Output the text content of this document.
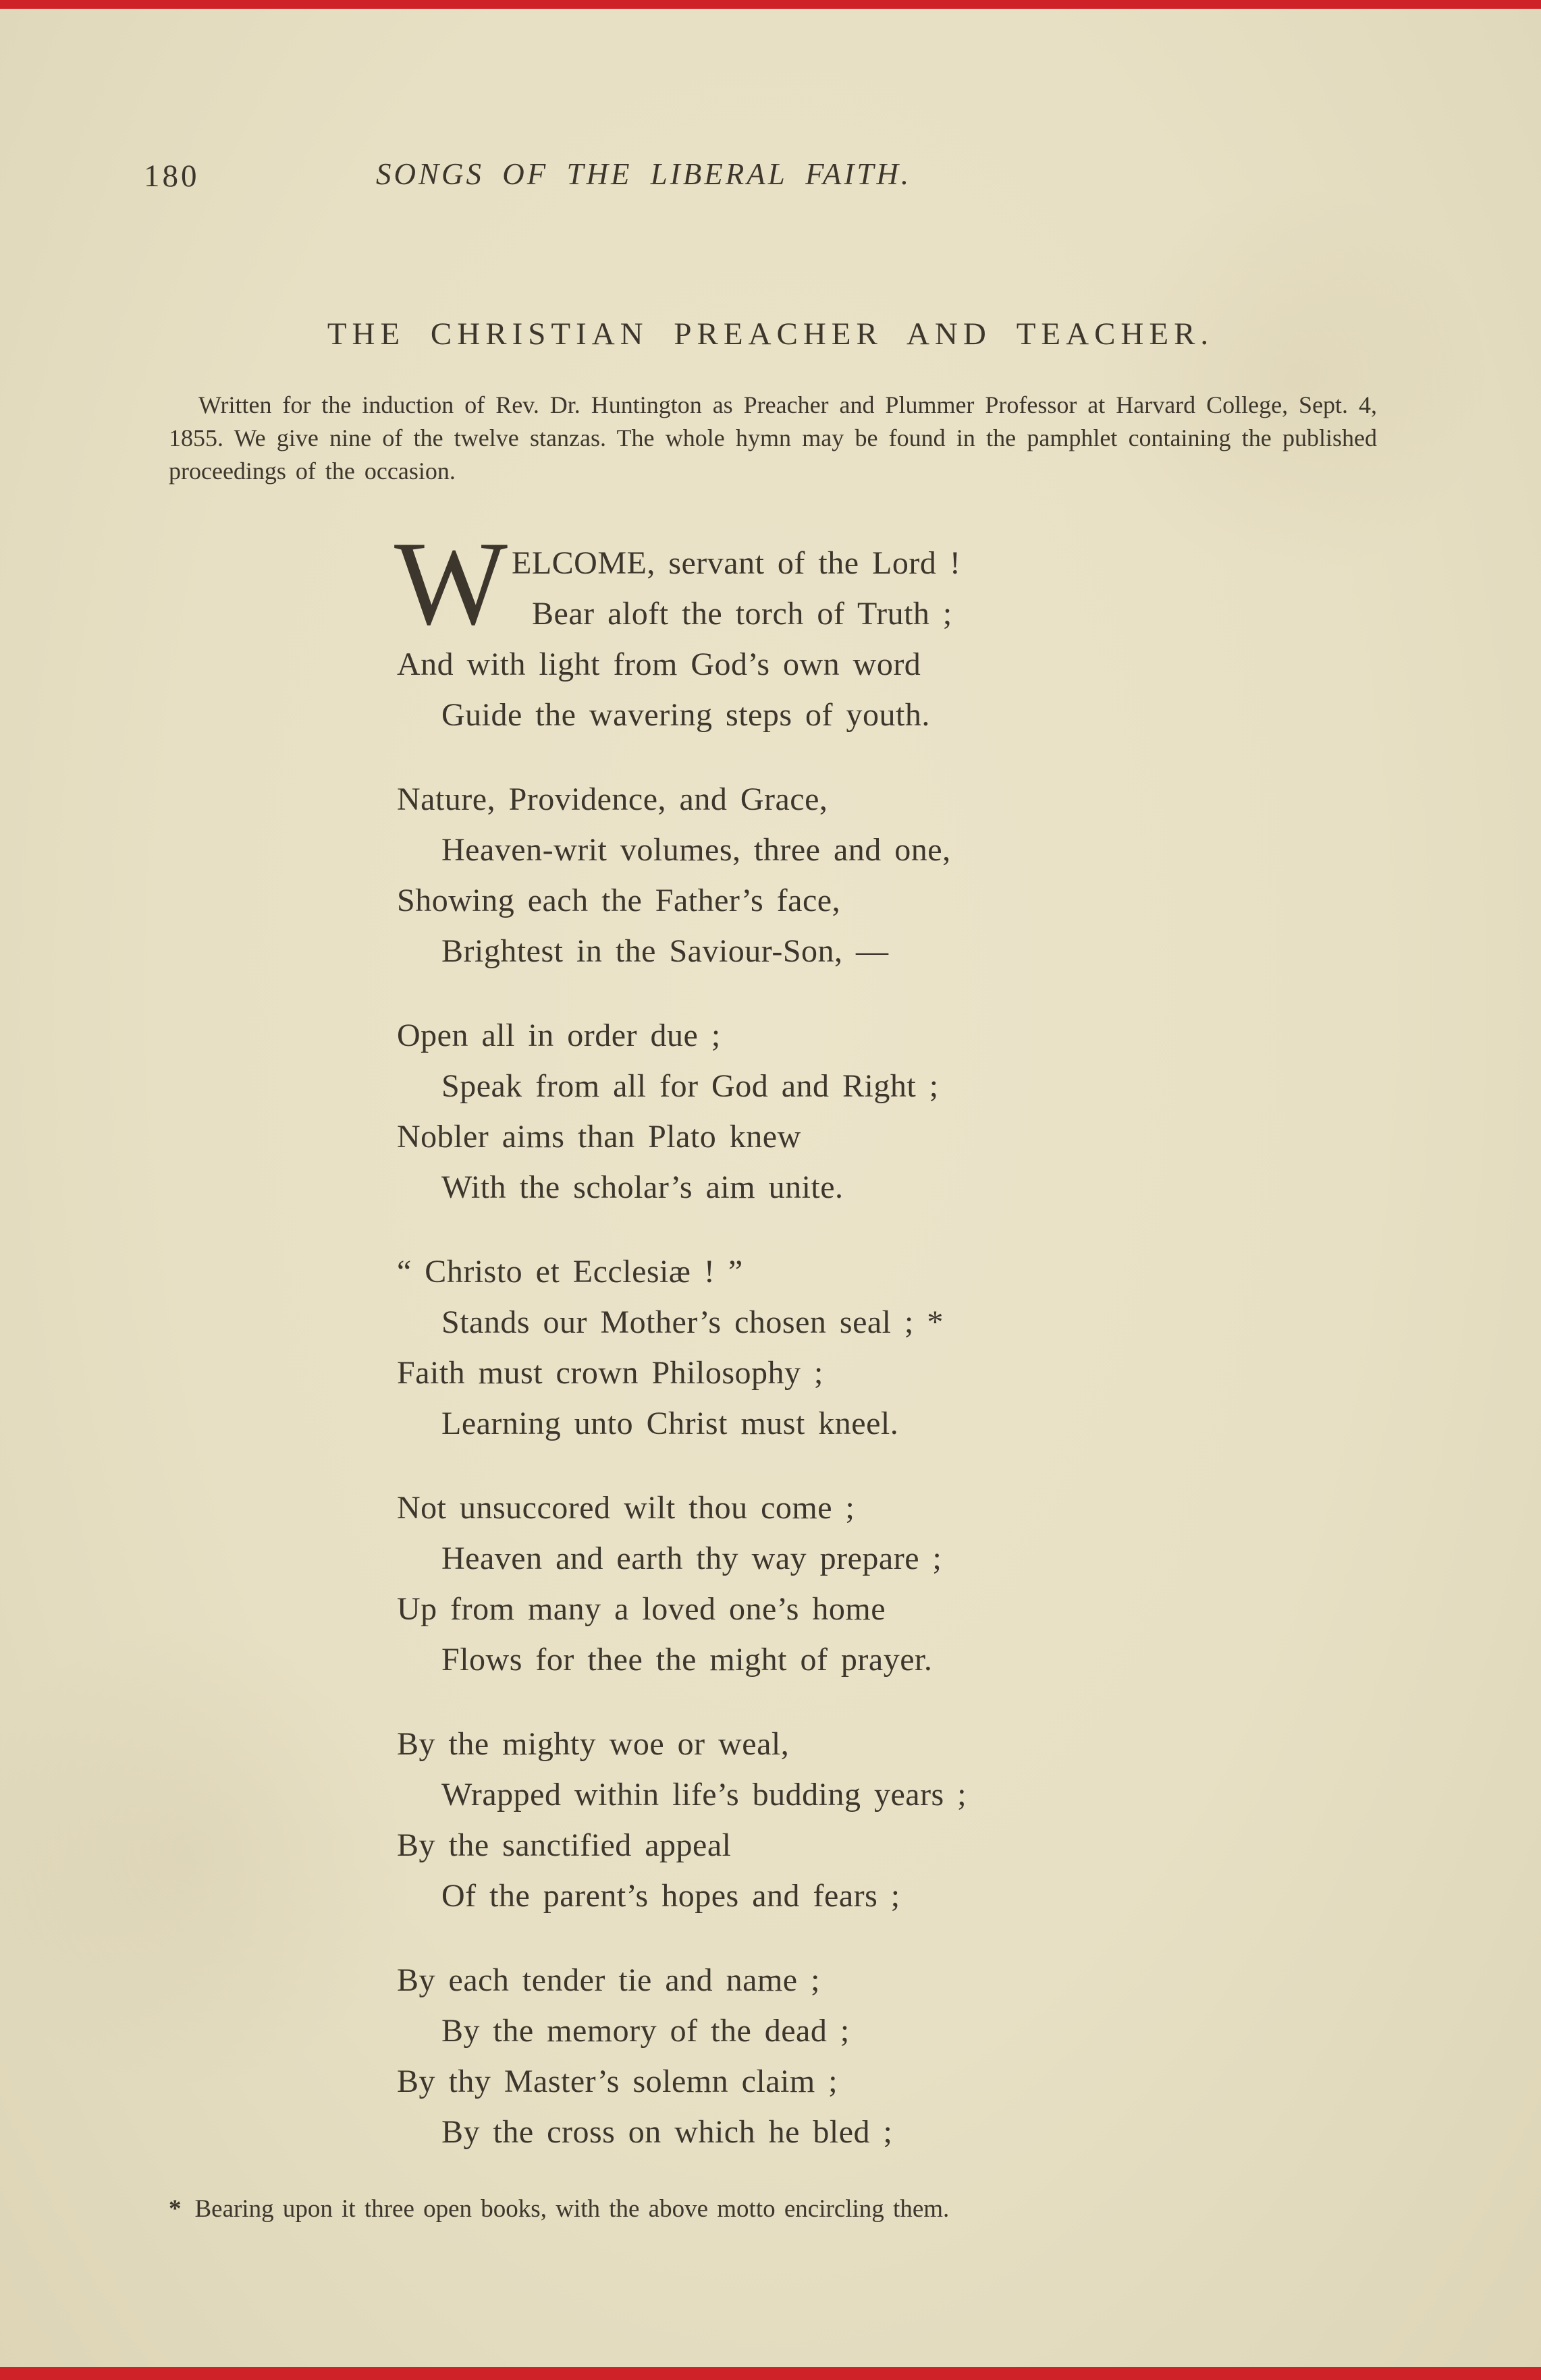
180	SONGS OF THE LIBERAL FAITH.
THE CHRISTIAN PREACHER AND TEACHER.

Written for the induction of Rev. Dr. Huntington as Preacher and Plummer Professor at Harvard College, Sept. 4, 1855. We give nine of the twelve stanzas. The whole hymn may be found in the pamphlet containing the published proceedings of the occasion.

W ELCOME, servant of the Lord !
Bear aloft the torch of Truth ;
And with light from God’s own word
Guide the wavering steps of youth.
Nature, Providence, and Grace,
Heaven-writ volumes, three and one,
Showing each the Father’s face,
Brightest in the Saviour-Son, —
Open all in order due ;
Speak from all for God and Right ;
Nobler aims than Plato knew
With the scholar’s aim unite.
“ Christo et Ecclesiæ ! ”
Stands our Mother’s chosen seal ; *
Faith must crown Philosophy ;
Learning unto Christ must kneel.
Not unsuccored wilt thou come ;
Heaven and earth thy way prepare ;
Up from many a loved one’s home
Flows for thee the might of prayer.
By the mighty woe or weal,
Wrapped within life’s budding years ;
By the sanctified appeal
Of the parent’s hopes and fears ;
By each tender tie and name ;
By the memory of the dead ;
By thy Master’s solemn claim ;
By the cross on which he bled ;

* Bearing upon it three open books, with the above motto encircling them.
